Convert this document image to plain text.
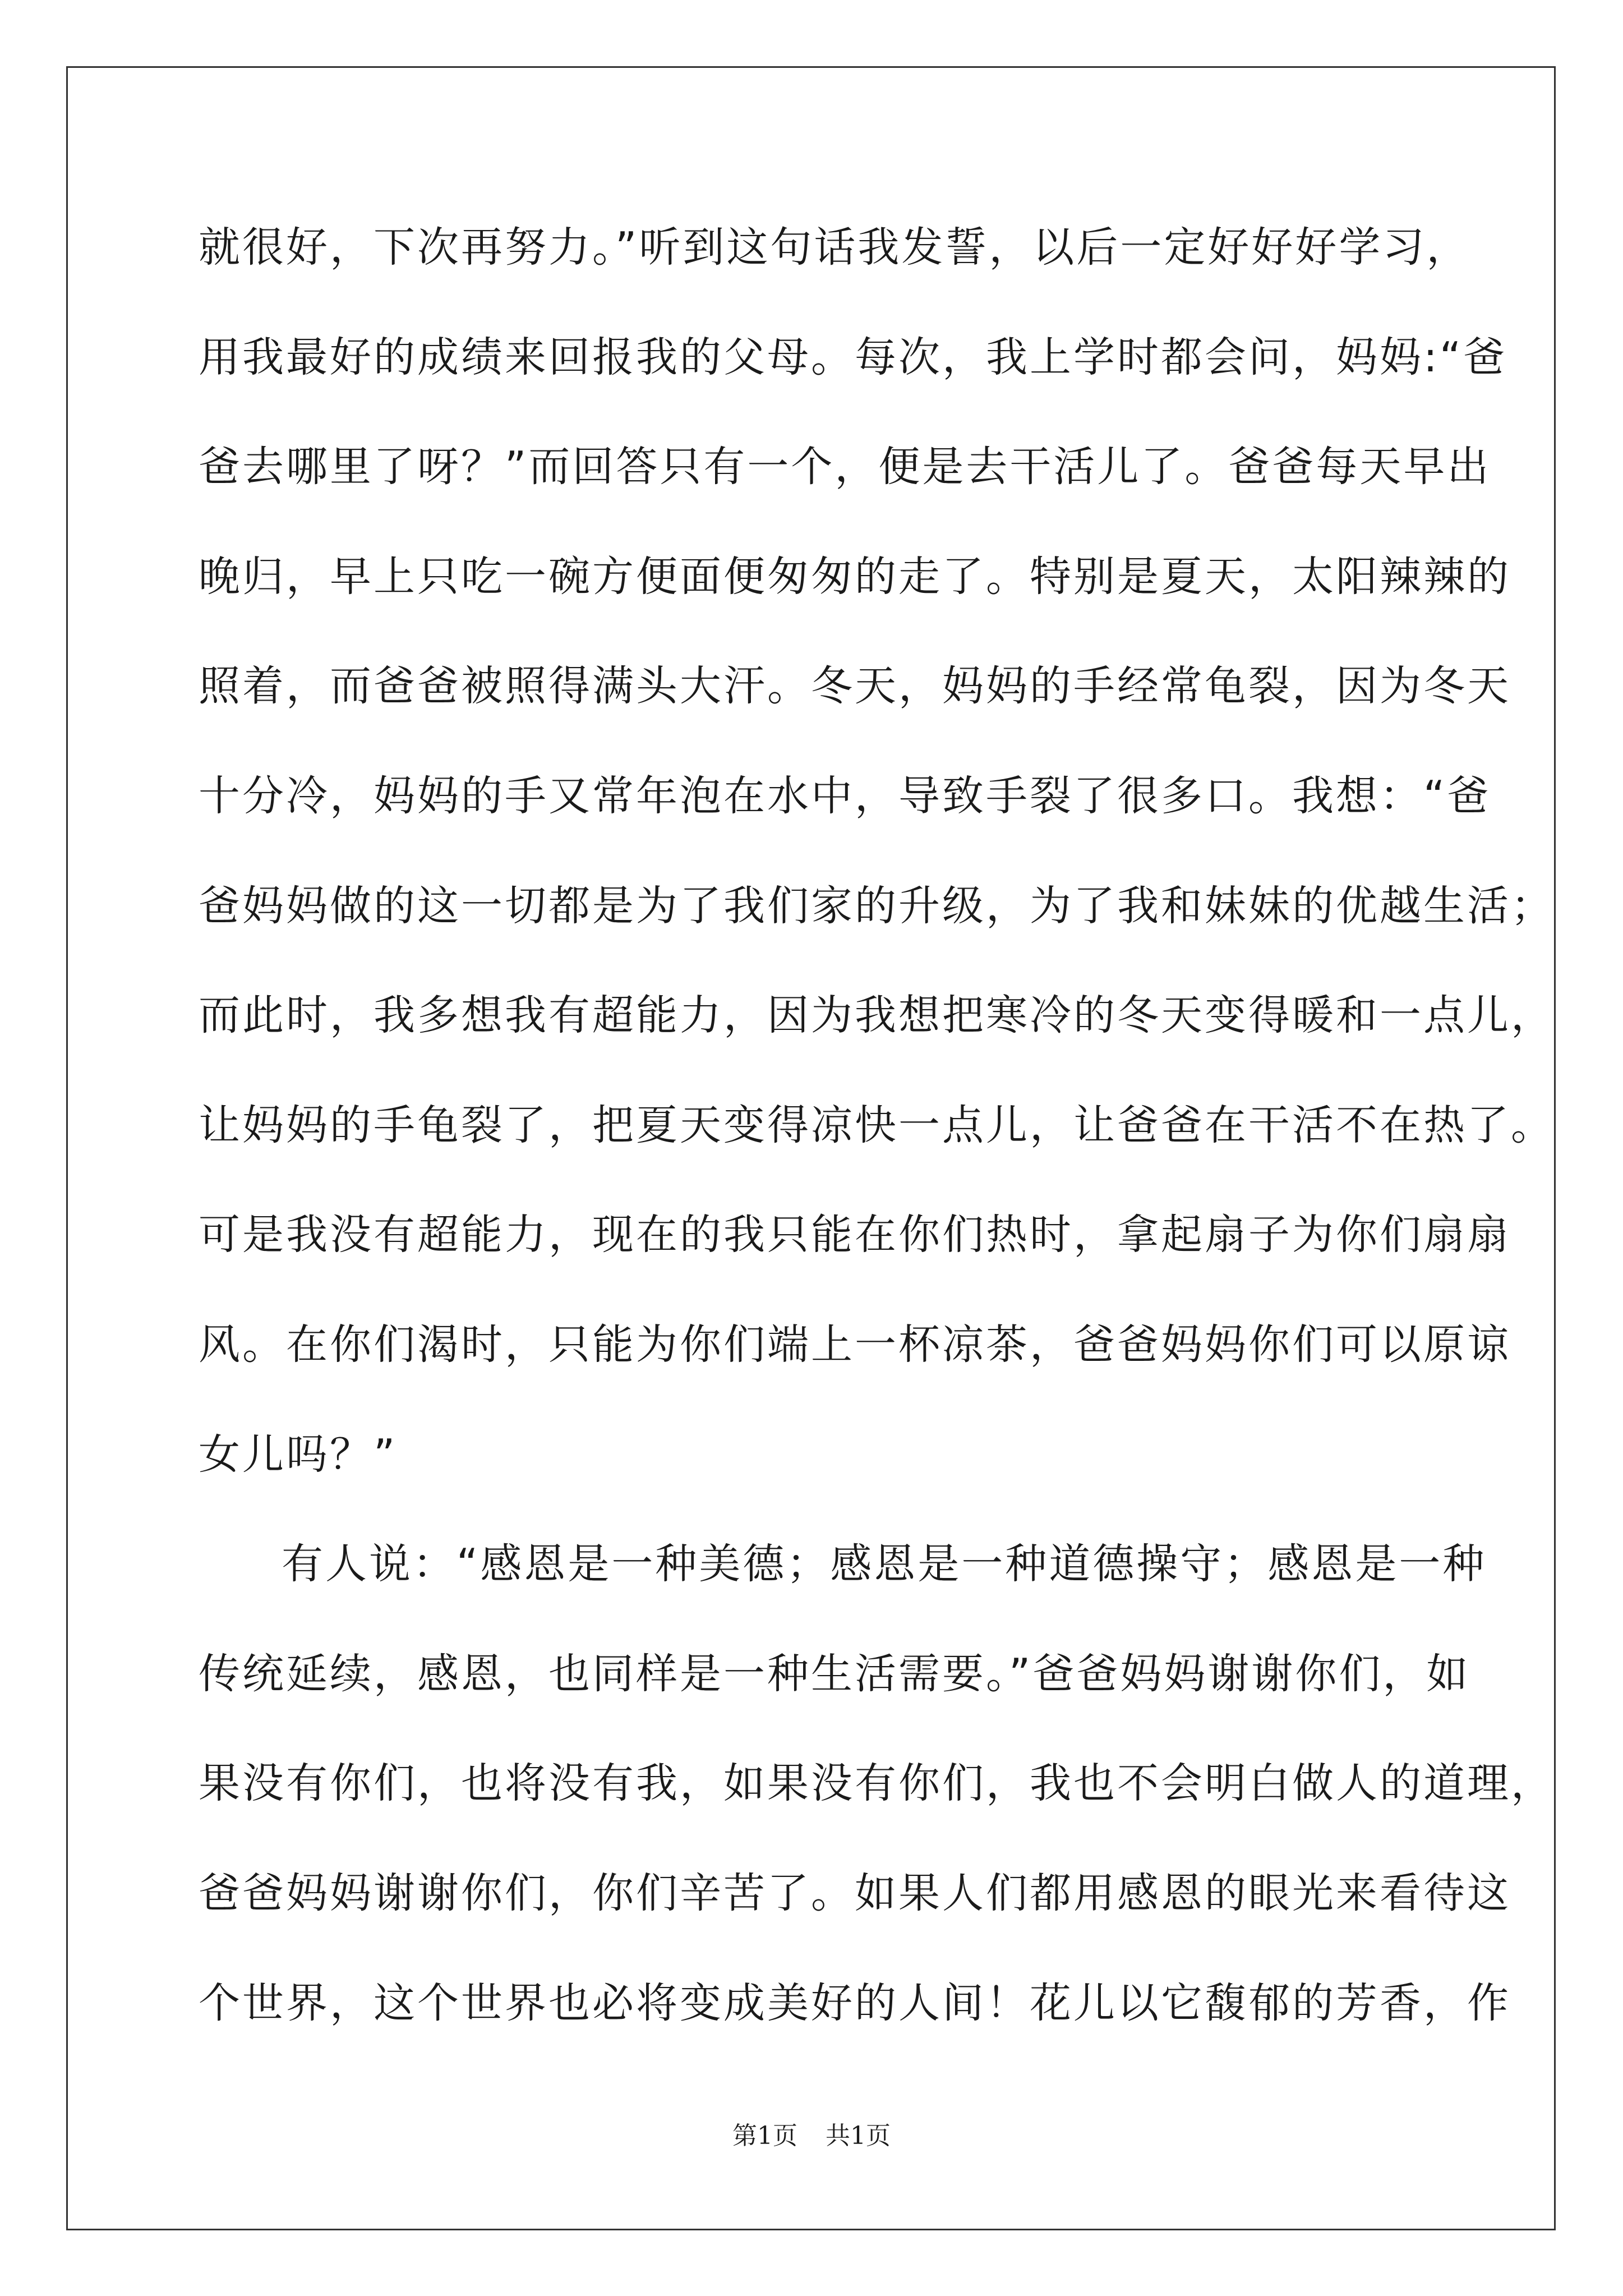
就很好，下次再努力。”听到这句话我发誓，以后一定好好好学习，
用我最好的成绩来回报我的父母。每次，我上学时都会问，妈妈:“爸
爸去哪里了呀？”而回答只有一个，便是去干活儿了。爸爸每天早出
晚归，早上只吃一碗方便面便匆匆的走了。特别是夏天，太阳辣辣的
照着，而爸爸被照得满头大汗。冬天，妈妈的手经常龟裂，因为冬天
十分冷，妈妈的手又常年泡在水中，导致手裂了很多口。我想：“爸
爸妈妈做的这一切都是为了我们家的升级，为了我和妹妹的优越生活；
而此时，我多想我有超能力，因为我想把寒冷的冬天变得暖和一点儿，
让妈妈的手龟裂了，把夏天变得凉快一点儿，让爸爸在干活不在热了。
可是我没有超能力，现在的我只能在你们热时，拿起扇子为你们扇扇
风。在你们渴时，只能为你们端上一杯凉茶，爸爸妈妈你们可以原谅
女儿吗？”
有人说：“感恩是一种美德；感恩是一种道德操守；感恩是一种
传统延续，感恩，也同样是一种生活需要。”爸爸妈妈谢谢你们，如
果没有你们，也将没有我，如果没有你们，我也不会明白做人的道理，
爸爸妈妈谢谢你们，你们辛苦了。如果人们都用感恩的眼光来看待这
个世界，这个世界也必将变成美好的人间！花儿以它馥郁的芳香，作
第1页 共1页
